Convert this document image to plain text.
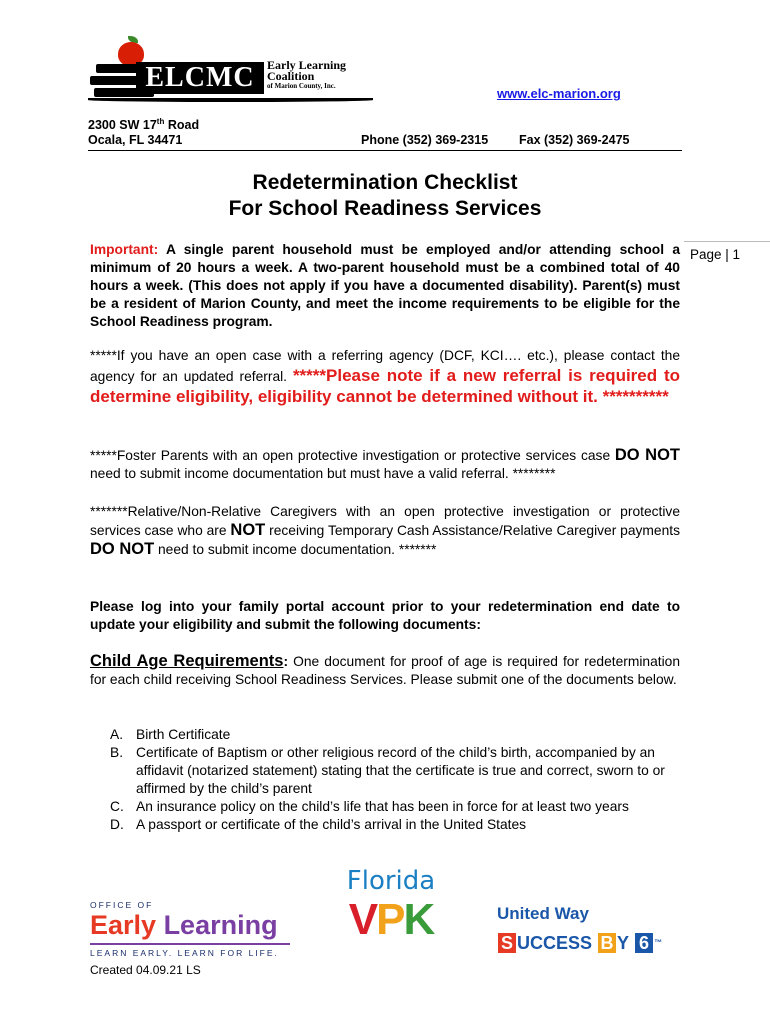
ELCMC	Early Learning
Coalition
of Marion County, Inc.	www.elc-marion.org
2300 SW 17th Road
Ocala, FL 34471	Phone (352) 369-2315 Fax (352) 369-2475
Redetermination Checklist
For School Readiness Services
Page | 1
Important: A single parent household must be employed and/or attending school a minimum of 20 hours a week. A two-parent household must be a combined total of 40 hours a week. (This does not apply if you have a documented disability). Parent(s) must be a resident of Marion County, and meet the income requirements to be eligible for the School Readiness program.
*****If you have an open case with a referring agency (DCF, KCI…. etc.), please contact the agency for an updated referral. *****Please note if a new referral is required to determine eligibility, eligibility cannot be determined without it. **********
*****Foster Parents with an open protective investigation or protective services case DO NOT need to submit income documentation but must have a valid referral. ********
*******Relative/Non-Relative Caregivers with an open protective investigation or protective services case who are NOT receiving Temporary Cash Assistance/Relative Caregiver payments DO NOT need to submit income documentation. *******
Please log into your family portal account prior to your redetermination end date to update your eligibility and submit the following documents:
Child Age Requirements: One document for proof of age is required for redetermination for each child receiving School Readiness Services. Please submit one of the documents below.
A. Birth Certificate
B. Certificate of Baptism or other religious record of the child’s birth, accompanied by an affidavit (notarized statement) stating that the certificate is true and correct, sworn to or affirmed by the child’s parent
C. An insurance policy on the child’s life that has been in force for at least two years
D. A passport or certificate of the child’s arrival in the United States
OFFICE OF
Early Learning
LEARN EARLY. LEARN FOR LIFE.
Created 04.09.21 LS
Florida
VPK	United Way
S UCCESS
B Y
6 ™
